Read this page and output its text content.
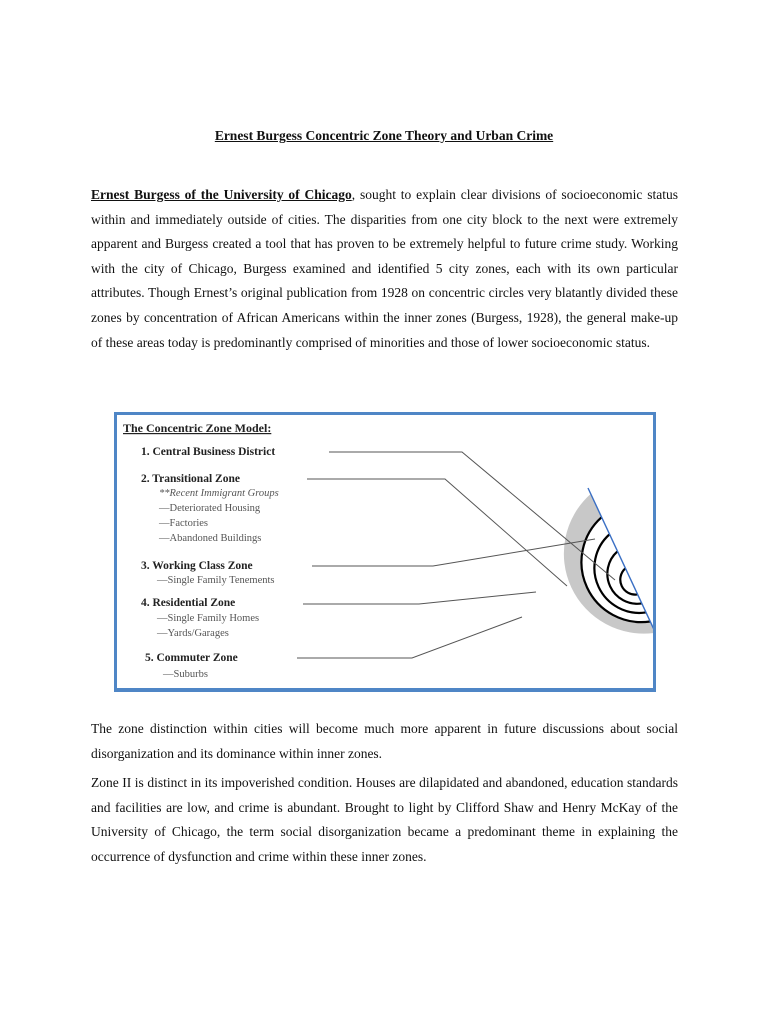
Ernest Burgess Concentric Zone Theory and Urban Crime

Ernest Burgess of the University of Chicago, sought to explain clear divisions of socioeconomic status within and immediately outside of cities. The disparities from one city block to the next were extremely apparent and Burgess created a tool that has proven to be extremely helpful to future crime study. Working with the city of Chicago, Burgess examined and identified 5 city zones, each with its own particular attributes. Though Ernest’s original publication from 1928 on concentric circles very blatantly divided these zones by concentration of African Americans within the inner zones (Burgess, 1928), the general make-up of these areas today is predominantly comprised of minorities and those of lower socioeconomic status.

The Concentric Zone Model:
1. Central Business District
2. Transitional Zone
**Recent Immigrant Groups
—Deteriorated Housing
—Factories
—Abandoned Buildings
3. Working Class Zone
—Single Family Tenements
4. Residential Zone
—Single Family Homes
—Yards/Garages
5. Commuter Zone
—Suburbs

The zone distinction within cities will become much more apparent in future discussions about social disorganization and its dominance within inner zones.

Zone II is distinct in its impoverished condition. Houses are dilapidated and abandoned, education standards and facilities are low, and crime is abundant. Brought to light by Clifford Shaw and Henry McKay of the University of Chicago, the term social disorganization became a predominant theme in explaining the occurrence of dysfunction and crime within these inner zones.
